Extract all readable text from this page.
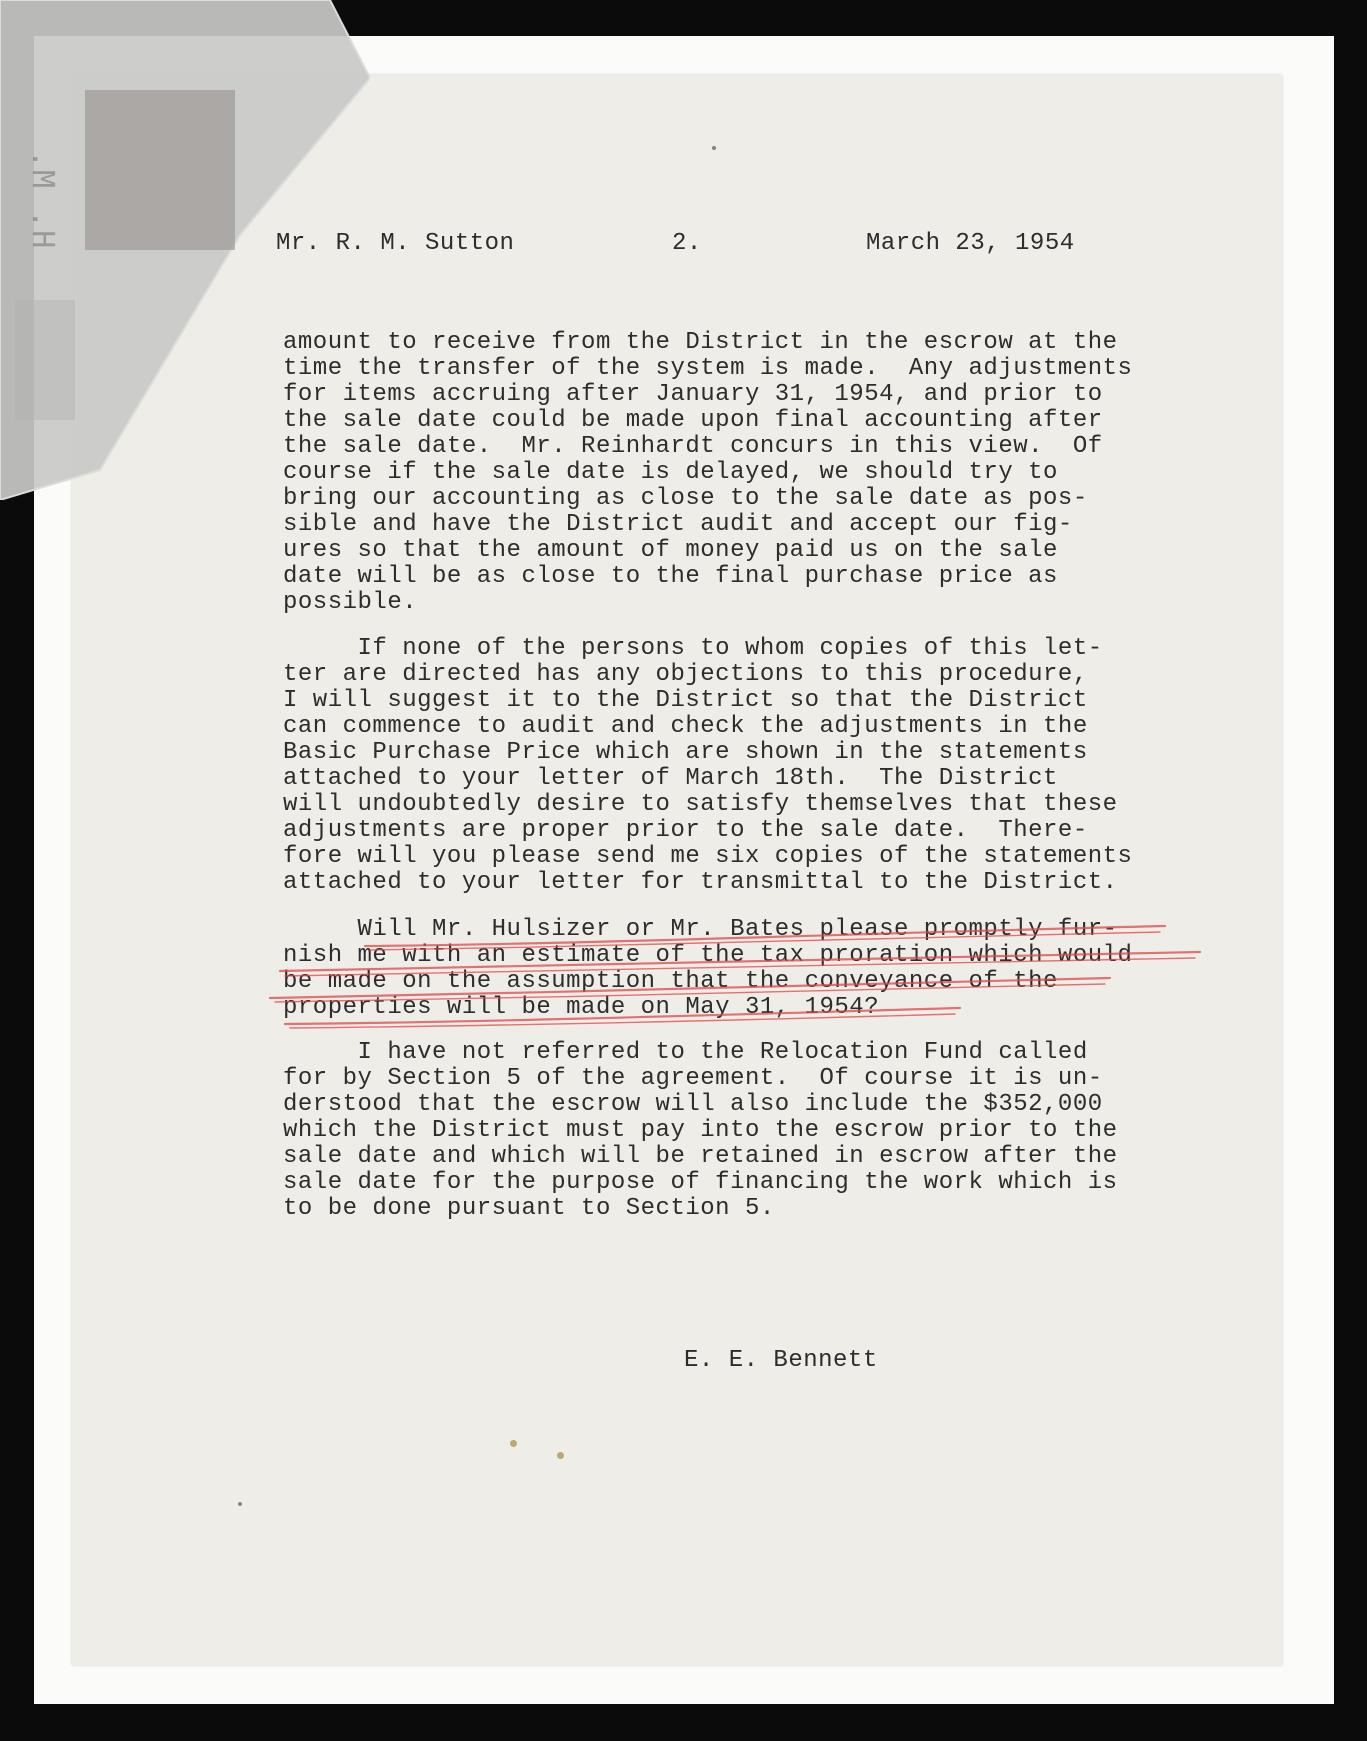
Mr. R. M. Sutton	2.	March 23, 1954
amount to receive from the District in the escrow at the
time the transfer of the system is made.  Any adjustments
for items accruing after January 31, 1954, and prior to
the sale date could be made upon final accounting after
the sale date.  Mr. Reinhardt concurs in this view.  Of
course if the sale date is delayed, we should try to
bring our accounting as close to the sale date as pos-
sible and have the District audit and accept our fig-
ures so that the amount of money paid us on the sale
date will be as close to the final purchase price as
possible.
If none of the persons to whom copies of this let-
ter are directed has any objections to this procedure,
I will suggest it to the District so that the District
can commence to audit and check the adjustments in the
Basic Purchase Price which are shown in the statements
attached to your letter of March 18th.  The District
will undoubtedly desire to satisfy themselves that these
adjustments are proper prior to the sale date.  There-
fore will you please send me six copies of the statements
attached to your letter for transmittal to the District.
Will Mr. Hulsizer or Mr. Bates please promptly fur-
nish me with an estimate of the tax proration which would
be made on the assumption that the conveyance of the
properties will be made on May 31, 1954?
I have not referred to the Relocation Fund called
for by Section 5 of the agreement.  Of course it is un-
derstood that the escrow will also include the $352,000
which the District must pay into the escrow prior to the
sale date and which will be retained in escrow after the
sale date for the purpose of financing the work which is
to be done pursuant to Section 5.
E. E. Bennett
.M .H
